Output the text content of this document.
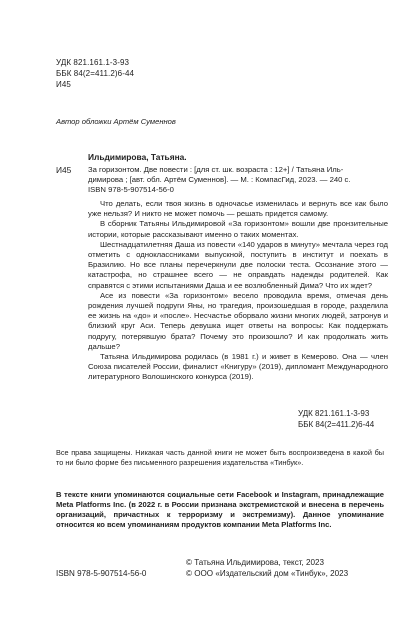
УДК 821.161.1-3-93
ББК 84(2=411.2)6-44
И45
Автор обложки Артём Суменнов
Ильдимирова, Татьяна.
И45 За горизонтом. Две повести : [для ст. шк. возраста : 12+] / Татьяна Иль-
димирова ; [авт. обл. Артём Суменнов]. — М. : КомпасГид, 2023. — 240 с.
ISBN 978-5-907514-56-0

Что делать, если твоя жизнь в одночасье изменилась и вернуть все как было уже нельзя? И никто не может помочь — решать придется самому.

В сборник Татьяны Ильдимировой «За горизонтом» вошли две пронзительные истории, которые рассказывают именно о таких моментах.

Шестнадцатилетняя Даша из повести «140 ударов в минуту» мечтала через год отметить с одноклассниками выпускной, поступить в институт и поехать в Бразилию. Но все планы перечеркнули две полоски теста. Осознание этого — катастрофа, но страшнее всего — не оправдать надежды родителей. Как справятся с этими испытаниями Даша и ее возлюбленный Дима? Что их ждет?

Асе из повести «За горизонтом» весело проводила время, отмечая день рождения лучшей подруги Яны, но трагедия, произошедшая в городе, разделила ее жизнь на «до» и «после». Несчастье оборвало жизни многих людей, затронув и близкий круг Аси. Теперь девушка ищет ответы на вопросы: Как поддержать подругу, потерявшую брата? Почему это произошло? И как продолжать жить дальше?

Татьяна Ильдимирова родилась (в 1981 г.) и живет в Кемерово. Она — член Союза писателей России, финалист «Книгуру» (2019), дипломант Международного литературного Волошинского конкурса (2019).

УДК 821.161.1-3-93
ББК 84(2=411.2)6-44
Все права защищены. Никакая часть данной книги не может быть воспроизведена в какой бы то ни было форме без письменного разрешения издательства «Тинбук».
В тексте книги упоминаются социальные сети Facebook и Instagram, принадлежащие Meta Platforms Inc. (в 2022 г. в России признана экстремистской и внесена в перечень организаций, причастных к терроризму и экстремизму). Данное упоминание относится ко всем упоминаниям продуктов компании Meta Platforms Inc.
© Татьяна Ильдимирова, текст, 2023
© ООО «Издательский дом «Тинбук», 2023
ISBN 978-5-907514-56-0
